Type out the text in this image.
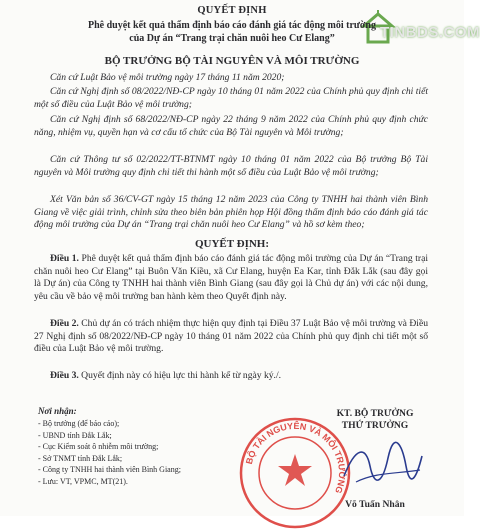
TINBDS.COM
QUYẾT ĐỊNH
Phê duyệt kết quả thẩm định báo cáo đánh giá tác động môi trường
của Dự án “Trang trại chăn nuôi heo Cư Elang”
BỘ TRƯỞNG BỘ TÀI NGUYÊN VÀ MÔI TRƯỜNG
Căn cứ Luật Bảo vệ môi trường ngày 17 tháng 11 năm 2020;
Căn cứ Nghị định số 08/2022/NĐ-CP ngày 10 tháng 01 năm 2022 của Chính phủ quy định chi tiết một số điều của Luật Bảo vệ môi trường;
Căn cứ Nghị định số 68/2022/NĐ-CP ngày 22 tháng 9 năm 2022 của Chính phủ quy định chức năng, nhiệm vụ, quyền hạn và cơ cấu tổ chức của Bộ Tài nguyên và Môi trường;
Căn cứ Thông tư số 02/2022/TT-BTNMT ngày 10 tháng 01 năm 2022 của Bộ trưởng Bộ Tài nguyên và Môi trường quy định chi tiết thi hành một số điều của Luật Bảo vệ môi trường;
Xét Văn bản số 36/CV-GT ngày 15 tháng 12 năm 2023 của Công ty TNHH hai thành viên Bình Giang về việc giải trình, chỉnh sửa theo biên bản phiên họp Hội đồng thẩm định báo cáo đánh giá tác động môi trường của Dự án “Trang trại chăn nuôi heo Cư Elang” và hồ sơ kèm theo;
QUYẾT ĐỊNH:
Điều 1. Phê duyệt kết quả thẩm định báo cáo đánh giá tác động môi trường của Dự án “Trang trại chăn nuôi heo Cư Elang” tại Buôn Văn Kiều, xã Cư Elang, huyện Ea Kar, tỉnh Đắk Lắk (sau đây gọi là Dự án) của Công ty TNHH hai thành viên Bình Giang (sau đây gọi là Chủ dự án) với các nội dung, yêu cầu về bảo vệ môi trường ban hành kèm theo Quyết định này.
Điều 2. Chủ dự án có trách nhiệm thực hiện quy định tại Điều 37 Luật Bảo vệ môi trường và Điều 27 Nghị định số 08/2022/NĐ-CP ngày 10 tháng 01 năm 2022 của Chính phủ quy định chi tiết một số điều của Luật Bảo vệ môi trường.
Điều 3. Quyết định này có hiệu lực thi hành kể từ ngày ký./.
Nơi nhận:
- Bộ trưởng (để báo cáo);
- UBND tỉnh Đắk Lắk;
- Cục Kiểm soát ô nhiễm môi trường;
- Sở TNMT tỉnh Đắk Lắk;
- Công ty TNHH hai thành viên Bình Giang;
- Lưu: VT, VPMC, MT(21).
BỘ TÀI NGUYÊN VÀ MÔI TRƯỜNG
KT. BỘ TRƯỞNG
THỨ TRƯỞNG
Võ Tuấn Nhân
